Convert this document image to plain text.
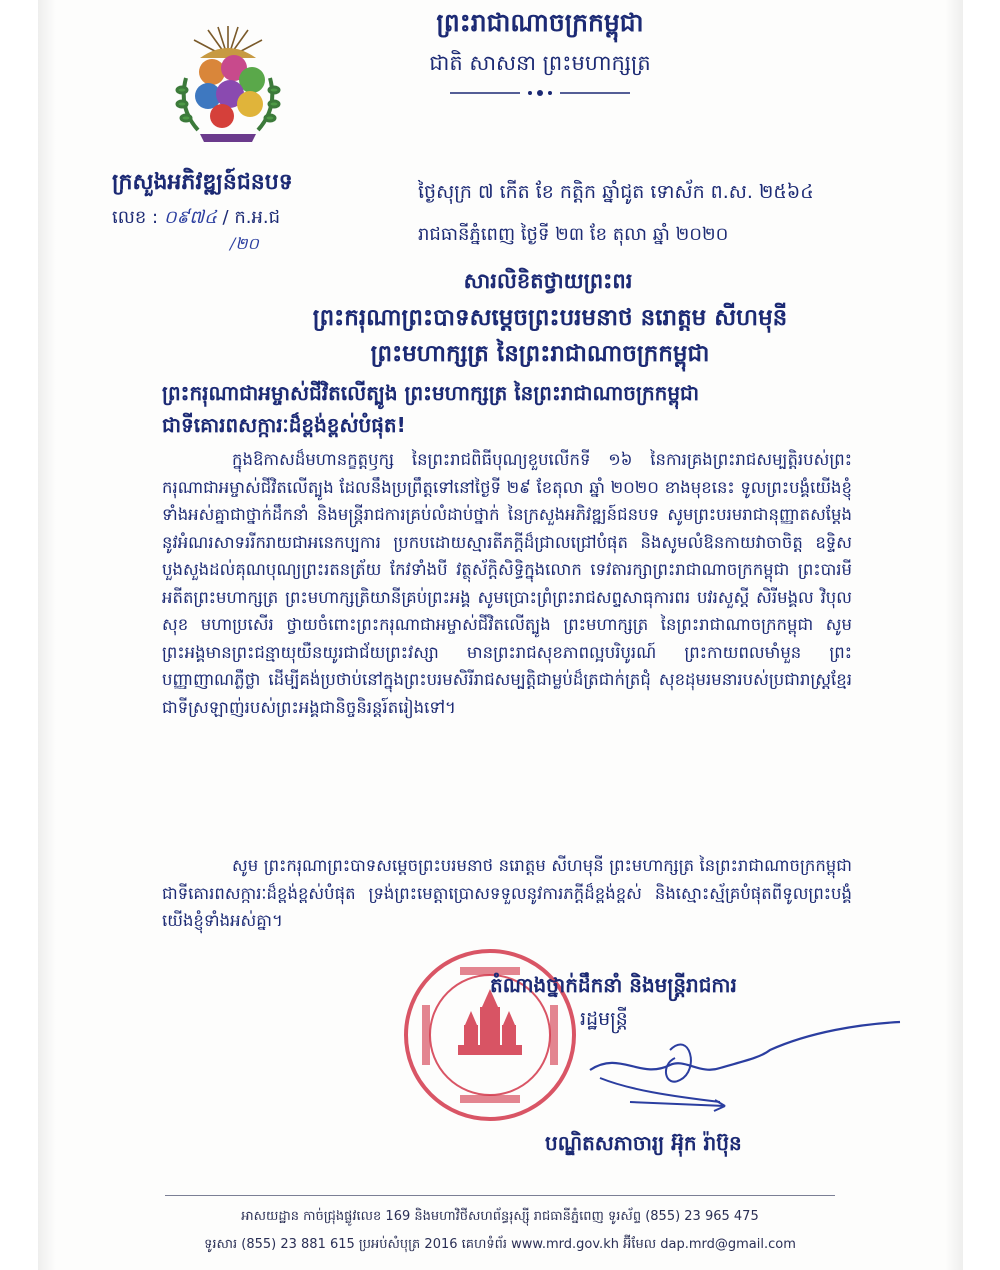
ព្រះរាជាណាចក្រកម្ពុជា
ជាតិ សាសនា ព្រះមហាក្សត្រ
ក្រសួងអភិវឌ្ឍន៍ជនបទ
លេខ : ០៩៧៤ / ក.អ.ជ
/២០
ថ្ងៃសុក្រ ៧ កើត ខែ កត្ដិក ឆ្នាំជូត ទោស័ក ព.ស. ២៥៦៤
រាជធានីភ្នំពេញ ថ្ងៃទី ២៣ ខែ តុលា ឆ្នាំ ២០២០
សារលិខិតថ្វាយព្រះពរ
ព្រះករុណាព្រះបាទសម្ដេចព្រះបរមនាថ នរោត្ដម សីហមុនី
ព្រះមហាក្សត្រ នៃព្រះរាជាណាចក្រកម្ពុជា
ព្រះករុណាជាអម្ចាស់ជីវិតលើត្បូង ព្រះមហាក្សត្រ នៃព្រះរាជាណាចក្រកម្ពុជា
ជាទីគោរពសក្ការៈដ៏ខ្ពង់ខ្ពស់បំផុត!

ក្នុងឱកាសដ៏មហានក្ខត្តឫក្ស នៃព្រះរាជពិធីបុណ្យខួបលើកទី ១៦ នៃការគ្រងព្រះរាជសម្បត្តិរបស់ព្រះករុណាជាអម្ចាស់ជីវិតលើត្បូង ដែលនឹងប្រព្រឹត្តទៅនៅថ្ងៃទី ២៩ ខែតុលា ឆ្នាំ ២០២០ ខាងមុខនេះ ទូលព្រះបង្គំយើងខ្ញុំទាំងអស់គ្នាជាថ្នាក់ដឹកនាំ និងមន្ត្រីរាជការគ្រប់លំដាប់ថ្នាក់ នៃក្រសួងអភិវឌ្ឍន៍ជនបទ សូមព្រះបរមរាជានុញ្ញាតសម្ដែងនូវអំណរសាទររីករាយជាអនេកប្បការ ប្រកបដោយស្មារតីភក្ដីដ៏ជ្រាលជ្រៅបំផុត និងសូមលំឱនកាយវាចាចិត្ត ឧទ្ទិសបួងសួងដល់គុណបុណ្យព្រះរតនត្រ័យ កែវទាំងបី វត្ថុស័ក្តិសិទ្ធិក្នុងលោក ទេវតារក្សាព្រះរាជាណាចក្រកម្ពុជា ព្រះបារមីអតីតព្រះមហាក្សត្រ ព្រះមហាក្សត្រិយានីគ្រប់ព្រះអង្គ សូមប្រោះព្រំព្រះរាជសព្ទសាធុការពរ បវរសួស្ដី សិរីមង្គល វិបុលសុខ មហាប្រសើរ ថ្វាយចំពោះព្រះករុណាជាអម្ចាស់ជីវិតលើត្បូង ព្រះមហាក្សត្រ នៃព្រះរាជាណាចក្រកម្ពុជា សូមព្រះអង្គមានព្រះជន្មាយុយឺនយូរជាជ័យព្រះវស្សា មានព្រះរាជសុខភាពល្អបរិបូរណ៍ ព្រះកាយពលមាំមួន ព្រះបញ្ញាញាណភ្លឺថ្លា ដើម្បីគង់ប្រថាប់នៅក្នុងព្រះបរមសិរីរាជសម្បត្តិជាម្លប់ដ៏ត្រជាក់ត្រជុំ សុខដុមរមនារបស់ប្រជារាស្ត្រខ្មែរ ជាទីស្រឡាញ់របស់ព្រះអង្គជានិច្ចនិរន្តរ៍តរៀងទៅ។

សូម ព្រះករុណាព្រះបាទសម្ដេចព្រះបរមនាថ នរោត្ដម សីហមុនី ព្រះមហាក្សត្រ នៃព្រះរាជាណាចក្រកម្ពុជា ជាទីគោរពសក្ការៈដ៏ខ្ពង់ខ្ពស់បំផុត ទ្រង់ព្រះមេត្តាប្រោសទទួលនូវការភក្ដីដ៏ខ្ពង់ខ្ពស់ និងស្មោះស្ម័គ្របំផុតពីទូលព្រះបង្គំយើងខ្ញុំទាំងអស់គ្នា។

តំណាងថ្នាក់ដឹកនាំ និងមន្ត្រីរាជការ
រដ្ឋមន្ត្រី
បណ្ឌិតសភាចារ្យ អ៊ុក រ៉ាប៊ុន
អាសយដ្ឋាន កាច់ជ្រុងផ្លូវលេខ 169 និងមហាវិថីសហព័ន្ធរុស្ស៊ី រាជធានីភ្នំពេញ ទូរស័ព្ទ (855) 23 965 475
ទូរសារ (855) 23 881 615 ប្រអប់សំបុត្រ 2016 គេហទំព័រ www.mrd.gov.kh អ៊ីមែល dap.mrd@gmail.com
